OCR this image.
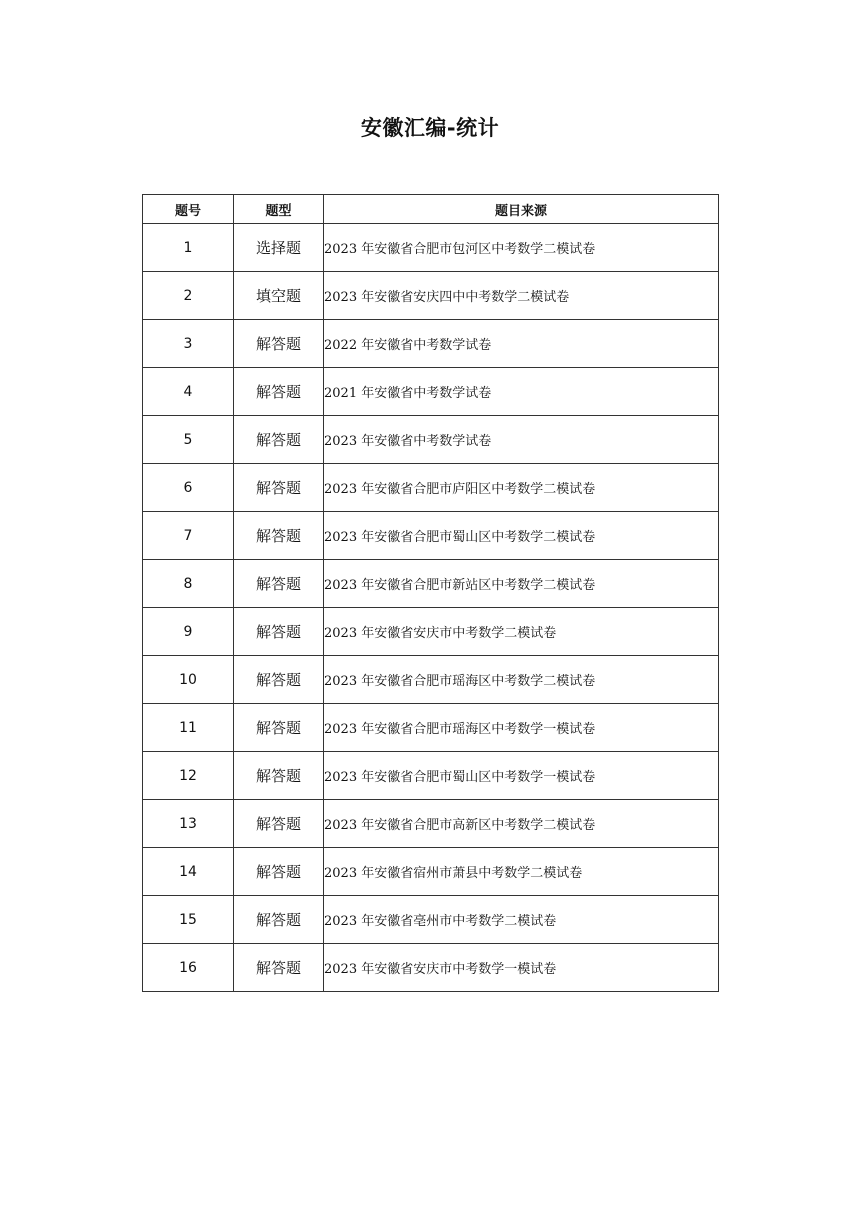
安徽汇编-统计
题号	题型	题目来源
1	选择题	2023 年安徽省合肥市包河区中考数学二模试卷
2	填空题	2023 年安徽省安庆四中中考数学二模试卷
3	解答题	2022 年安徽省中考数学试卷
4	解答题	2021 年安徽省中考数学试卷
5	解答题	2023 年安徽省中考数学试卷
6	解答题	2023 年安徽省合肥市庐阳区中考数学二模试卷
7	解答题	2023 年安徽省合肥市蜀山区中考数学二模试卷
8	解答题	2023 年安徽省合肥市新站区中考数学二模试卷
9	解答题	2023 年安徽省安庆市中考数学二模试卷
10	解答题	2023 年安徽省合肥市瑶海区中考数学二模试卷
11	解答题	2023 年安徽省合肥市瑶海区中考数学一模试卷
12	解答题	2023 年安徽省合肥市蜀山区中考数学一模试卷
13	解答题	2023 年安徽省合肥市高新区中考数学二模试卷
14	解答题	2023 年安徽省宿州市萧县中考数学二模试卷
15	解答题	2023 年安徽省亳州市中考数学二模试卷
16	解答题	2023 年安徽省安庆市中考数学一模试卷
